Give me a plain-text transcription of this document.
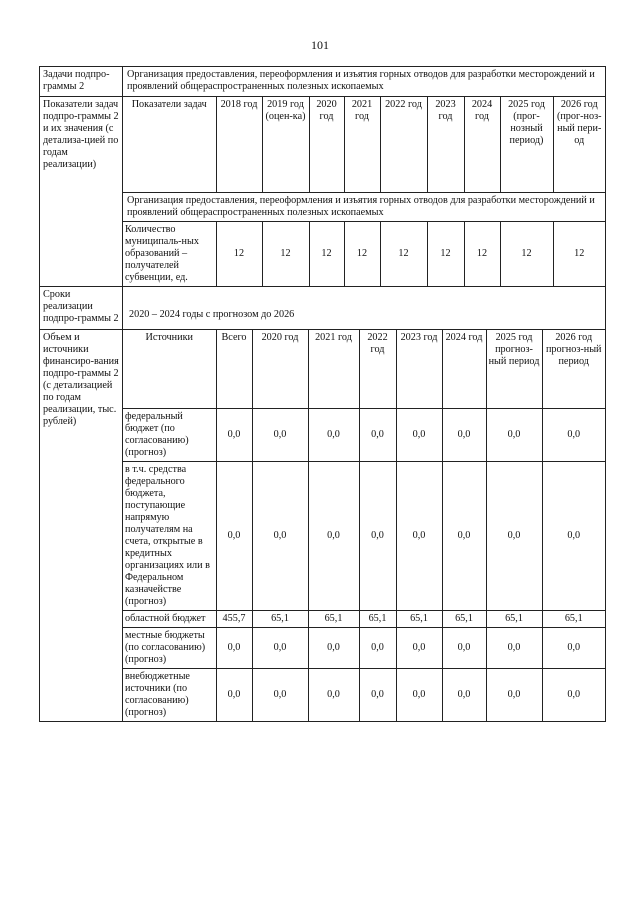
101
Задачи подпро-граммы 2	
Организация предоставления, переоформления и изъятия горных отводов для разработки месторождений и проявлений общераспространенных полезных ископаемых

Показатели задач подпро-граммы 2 и их значения (с детализа-цией по годам реализации)	
Показатели задач	2018 год	2019 год (оцен-ка)	2020 год	2021 год	2022 год	2023 год	2024 год	2025 год (прог-нозный период)	2026 год (прог-ноз-ный пери-од
Организация предоставления, переоформления и изъятия горных отводов для разработки месторождений и проявлений общераспространенных полезных ископаемых
Количество муниципаль-ных образований – получателей субвенции, ед.	12	12	12	12	12	12	12	12	12

Сроки реализации подпро-граммы 2	2020 – 2024 годы с прогнозом до 2026

Объем и источники финансиро-вания подпро-граммы 2 (с детализацией по годам реализации, тыс. рублей)	
Источники	Всего	2020 год	2021 год	2022 год	2023 год	2024 год	2025 год прогноз-ный период	2026 год прогноз-ный период
федеральный бюджет (по согласованию) (прогноз)	0,0	0,0	0,0	0,0	0,0	0,0	0,0	0,0
в т.ч. средства федерального бюджета, поступающие напрямую получателям на счета, открытые в кредитных организациях или в Федеральном казначействе (прогноз)	0,0	0,0	0,0	0,0	0,0	0,0	0,0	0,0
областной бюджет	455,7	65,1	65,1	65,1	65,1	65,1	65,1	65,1
местные бюджеты (по согласованию) (прогноз)	0,0	0,0	0,0	0,0	0,0	0,0	0,0	0,0
внебюджетные источники (по согласованию) (прогноз)	0,0	0,0	0,0	0,0	0,0	0,0	0,0	0,0
